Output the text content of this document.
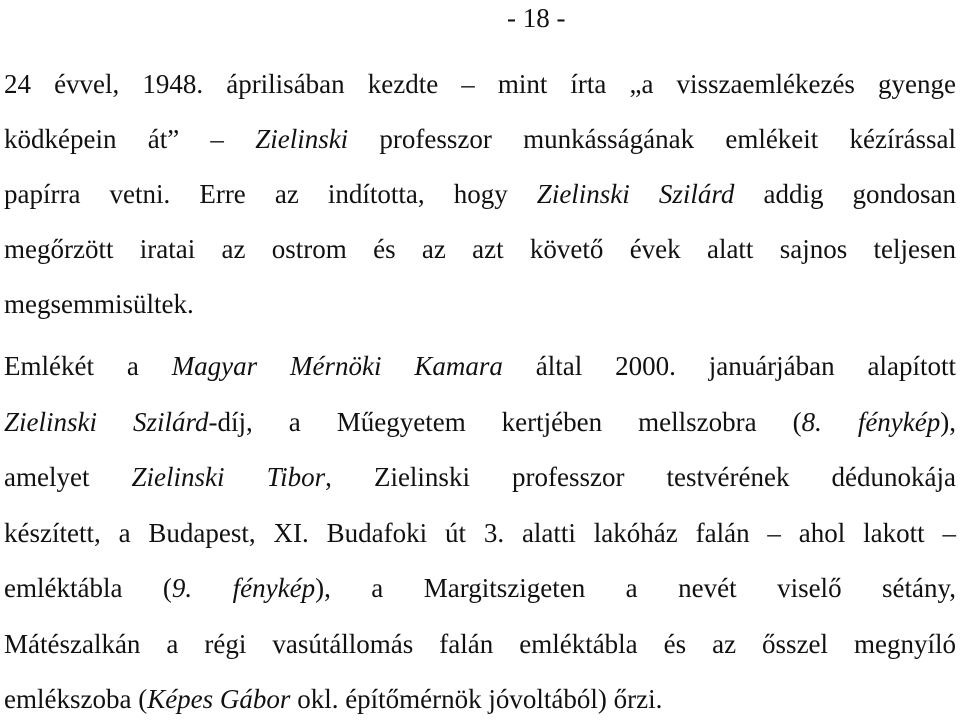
- 18 -
24 évvel, 1948. áprilisában kezdte – mint írta „a visszaemlékezés gyenge
ködképein át” – Zielinski professzor munkásságának emlékeit kézírással
papírra vetni. Erre az indította, hogy Zielinski Szilárd addig gondosan
megőrzött iratai az ostrom és az azt követő évek alatt sajnos teljesen
megsemmisültek.
Emlékét a Magyar Mérnöki Kamara által 2000. januárjában alapított
Zielinski Szilárd-díj, a Műegyetem kertjében mellszobra (8. fénykép),
amelyet Zielinski Tibor, Zielinski professzor testvérének dédunokája
készített, a Budapest, XI. Budafoki út 3. alatti lakóház falán – ahol lakott –
emléktábla (9. fénykép), a Margitszigeten a nevét viselő sétány,
Mátészalkán a régi vasútállomás falán emléktábla és az ősszel megnyíló
emlékszoba (Képes Gábor okl. építőmérnök jóvoltából) őrzi.
